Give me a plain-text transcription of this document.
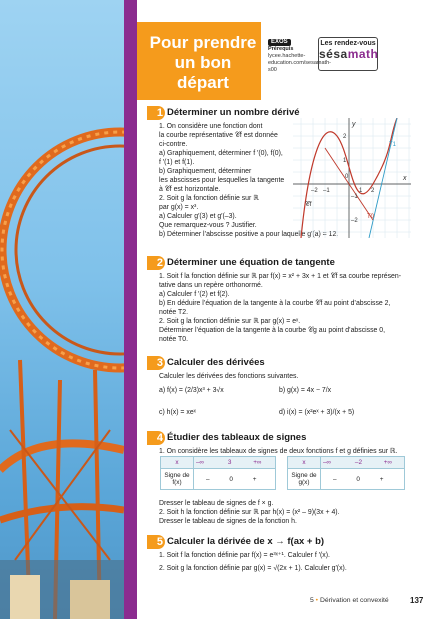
Pour prendre
un bon départ
EXOS
Prérequis
lycee.hachette-education.com/sesamath-s00
Les rendez-vous
sésamath
1 Déterminer un nombre dérivé
1. On considère une fonction dont
la courbe représentative 𝒞f est donnée
ci-contre.
a) Graphiquement, déterminer f ′(0), f(0),
f ′(1) et f(1).
b) Graphiquement, déterminer
les abscisses pour lesquelles la tangente
à 𝒞f est horizontale.
2. Soit g la fonction définie sur ℝ
par g(x) = x³.
a) Calculer g′(3) et g′(–3).
Que remarquez-vous ? Justifier.
b) Déterminer l’abscisse positive a pour laquelle g′(a) = 12.
0
–2 –1	1 2
2
1
–1
–2
x
y
𝒞f
T1
T0
2 Déterminer une équation de tangente
1. Soit f la fonction définie sur ℝ par f(x) = x² + 3x + 1 et 𝒞f sa courbe représen-
tative dans un repère orthonormé.
a) Calculer f ′(2) et f(2).
b) En déduire l’équation de la tangente à la courbe 𝒞f au point d’abscisse 2,
notée T2.
2. Soit g la fonction définie sur ℝ par g(x) = eˣ.
Déterminer l’équation de la tangente à la courbe 𝒞g au point d’abscisse 0,
notée T0.
3 Calculer des dérivées
Calculer les dérivées des fonctions suivantes.
a) f(x) = (2/3)x³ + 3√x	b) g(x) = 4x − 7/x
c) h(x) = xeˣ	d) i(x) = (x²eˣ + 3)/(x + 5)
4 Étudier des tableaux de signes
1. On considère les tableaux de signes de deux fonctions f et g définies sur ℝ.
x	–∞ 3 +∞
Signe de f(x)	– 0 +
x	–∞ –2 +∞
Signe de g(x)	– 0 +
Dresser le tableau de signes de f × g.
2. Soit h la fonction définie sur ℝ par h(x) = (x² – 9)(3x + 4).
Dresser le tableau de signes de la fonction h.
5 Calculer la dérivée de x → f(ax + b)
1. Soit f la fonction définie par f(x) = e³ˣ⁺¹. Calculer f ′(x).
2. Soit g la fonction définie par g(x) = √(2x + 1). Calculer g′(x).
5 • Dérivation et convexité	137
